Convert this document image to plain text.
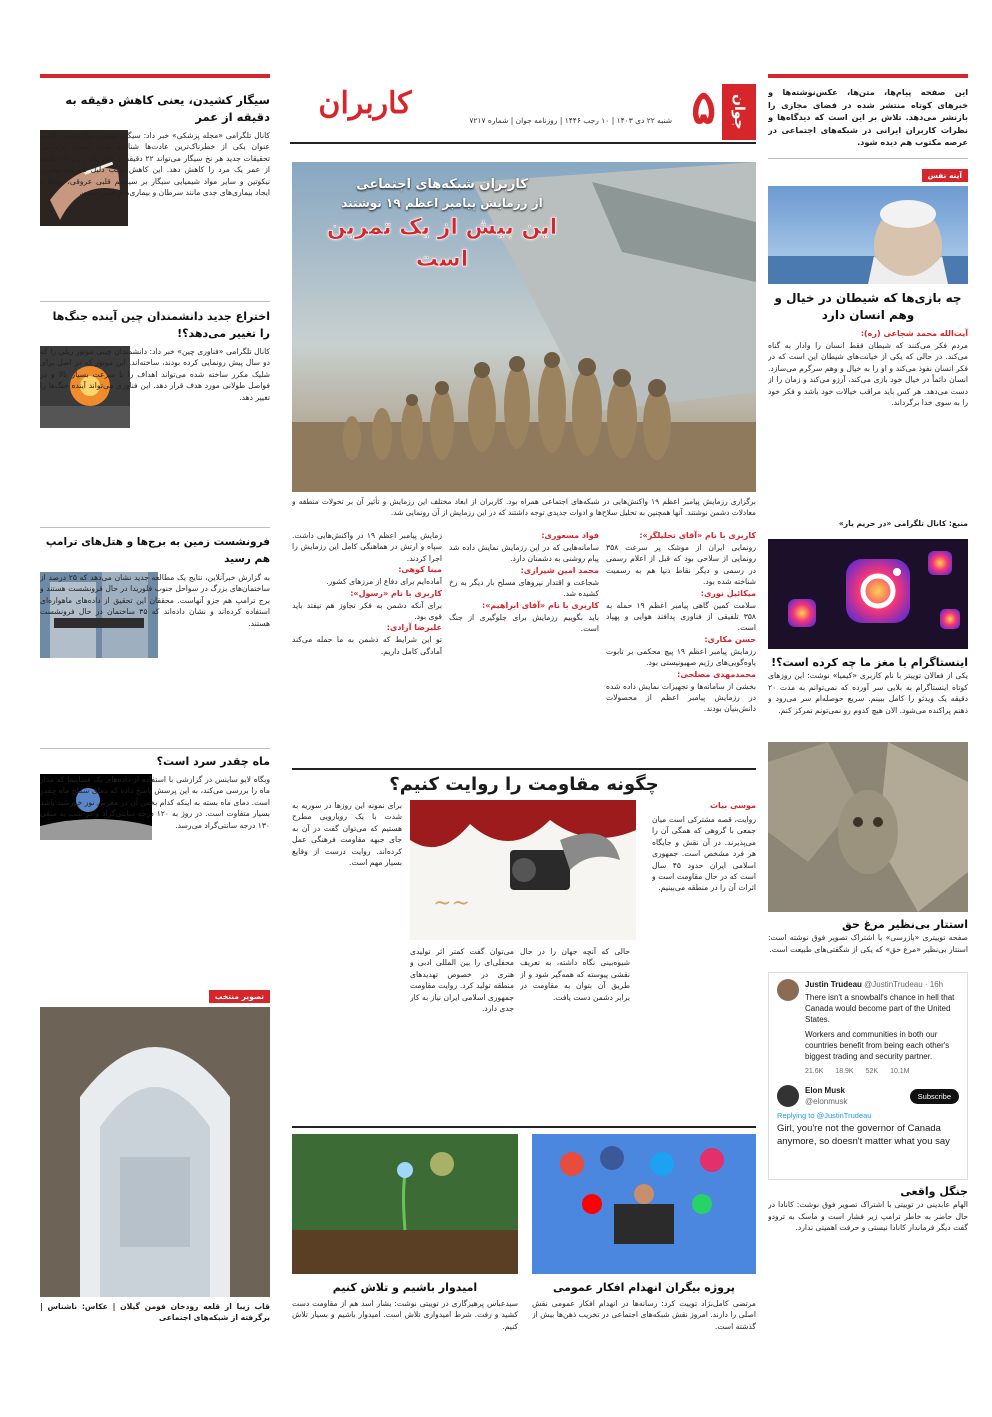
جوان
۵
شنبه ۲۲ دی ۱۴۰۳ | ۱۰ رجب ۱۴۴۶ | روزنامه جوان | شماره ۷۲۱۷
کاربران
کاربران شبکه‌های اجتماعی
از رزمایش پیامبر اعظم ۱۹ نوشتند
این بیش از یک تمرین است
برگزاری رزمایش پیامبر اعظم ۱۹ واکنش‌هایی در شبکه‌های اجتماعی همراه بود. کاربران از ابعاد مختلف این رزمایش و تأثیر آن بر تحولات منطقه و معادلات دشمن نوشتند. آنها همچنین به تحلیل سلاح‌ها و ادوات جدیدی توجه داشتند که در این رزمایش از آن رونمایی شد.
این صفحه پیام‌ها، متن‌ها، عکس‌نوشته‌ها و خبرهای کوتاه منتشر شده در فضای مجازی را بازنشر می‌دهد. تلاش بر این است که دیدگاه‌ها و نظرات کاربران ایرانی در شبکه‌های اجتماعی در عرصه مکتوب هم دیده شود.
آینه نفس
چه بازی‌ها که شیطان در خیال و وهم انسان دارد
آیت‌الله محمد شجاعی (ره):
مردم فکر می‌کنند که شیطان فقط انسان را وادار به گناه می‌کند. در حالی که یکی از خیانت‌های شیطان این است که در فکر انسان نفوذ می‌کند و او را به خیال و وهم سرگرم می‌سازد. انسان دائماً در خیال خود بازی می‌کند، آرزو می‌کند و زمان را از دست می‌دهد. هر کس باید مراقب خیالات خود باشد و فکر خود را به سوی خدا برگرداند.
منبع: کانال تلگرامی «در حریم یار»
اینستاگرام با مغز ما چه کرده است؟!
یکی از فعالان توییتر با نام کاربری «کیمیا» نوشت: این روزهای کوتاه اینستاگرام به بلایی سر آورده که نمی‌توانم به مدت ۲۰ دقیقه یک ویدئو را کامل ببینم. سریع حوصله‌ام سر می‌رود و ذهنم پراکنده می‌شود. الان هیچ کدوم رو نمی‌تونم تمرکز کنم.
استتار بی‌نظیر مرغ حق
صفحه توییتری «بازرسی» با اشتراک تصویر فوق نوشته است: استتار بی‌نظیر «مرغ حق» که یکی از شگفتی‌های طبیعت است.
Justin Trudeau @JustinTrudeau · 16h
There isn't a snowball's chance in hell that Canada would become part of the United States.
Workers and communities in both our countries benefit from being each other's biggest trading and security partner.
21.6K 18.9K 52K 10.1M
Elon Musk
@elonmusk
Subscribe
Replying to @JustinTrudeau
Girl, you're not the governor of Canada anymore, so doesn't matter what you say
جنگل واقعی
الهام عابدینی در توییتی با اشتراک تصویر فوق نوشت: کانادا در حال حاضر به خاطر ترامپ زیر فشار است و ماسک به ترودو گفت دیگر فرماندار کانادا نیستی و حرفت اهمیتی ندارد.
سیگار کشیدن، یعنی کاهش دقیقه به دقیقه از عمر
کانال تلگرامی «مجله پزشکی» خبر داد: سیگار کشیدن سال‌هاست که به عنوان یکی از خطرناک‌ترین عادت‌ها شناخته شده است. براساس تحقیقات جدید هر نخ سیگار می‌تواند ۲۲ دقیقه از عمر یک زن و ۱۷ دقیقه از عمر یک مرد را کاهش دهد. این کاهش سبب دلیل تأثیرات مخرب نیکوتین و سایر مواد شیمیایی سیگار بر سیستم قلبی عروقی، ریه‌ها و ایجاد بیماری‌های جدی مانند سرطان و بیماری‌های قلبی است.
اختراع جدید دانشمندان چین آینده جنگ‌ها را تغییر می‌دهد؟!
کانال تلگرامی «فناوری چین» خبر داد: دانشمندان چینی موتور ریلی را که دو سال پیش رونمایی کرده بودند، ساخته‌اند. این موتور که در اصل برای شلیک مکرر ساخته شده می‌تواند اهداف را با سرعت بسیار بالا و در فواصل طولانی مورد هدف قرار دهد. این فناوری می‌تواند آینده جنگ‌ها را تغییر دهد.
فرونشست زمین به برج‌ها و هتل‌های ترامپ هم رسید
به گزارش خبرآنلاین، نتایج یک مطالعه جدید نشان می‌دهد که ۲۵ درصد از ساختمان‌های بزرگ در سواحل جنوب فلوریدا در حال فرونشست هستند و برج ترامپ هم جزو آنهاست. محققان این تحقیق از داده‌های ماهواره‌ای استفاده کرده‌اند و نشان داده‌اند که ۳۵ ساختمان در حال فرونشست هستند.
ماه چقدر سرد است؟
وبگاه لایو ساینس در گزارشی با استفاده از داده‌های یک فضاپیما که مدار ماه را بررسی می‌کند، به این پرسش پاسخ داده که دمای سطح ماه چقدر است. دمای ماه بسته به اینکه کدام بخش آن در معرض نور خورشید باشد بسیار متفاوت است. در روز به ۱۲۰ درجه سانتی‌گراد و در شب به منفی ۱۳۰ درجه سانتی‌گراد می‌رسد.
تصویر منتخب
قاب زیبا از قلعه رودخان فومن گیلان | عکاس: ناشناس | برگرفته از شبکه‌های اجتماعی
کاربری با نام «آقای تحلیلگر»:
رونمایی ایران از موشک پر سرعت ۳۵۸ رونمایی از سلاحی بود که قبل از اعلام رسمی در رسمی و دیگر نقاط دنیا هم به رسمیت شناخته شده بود.
میکائیل نوری:
سلامت کمین گاهی پیامبر اعظم ۱۹ حمله به ۳۵۸ تلفیقی از فناوری پدافند هوایی و پهپاد است.
حسن مکاری:
رزمایش پیامبر اعظم ۱۹ پیچ محکمی بر تابوت یاوه‌گویی‌های رژیم صهیونیستی بود.
محمدمهدی مصلحی:
بخشی از سامانه‌ها و تجهیزات نمایش داده شده در رزمایش پیامبر اعظم از محصولات دانش‌بنیان بودند.
فواد مسعوری:
سامانه‌هایی که در این رزمایش نمایش داده شد پیام روشنی به دشمنان دارد.
محمد امین شیرازی:
شجاعت و اقتدار نیروهای مسلح بار دیگر به رخ کشیده شد.
کاربری با نام «آقای ابراهیم»:
باید بگوییم رزمایش برای جلوگیری از جنگ است.
زمایش پیامبر اعظم ۱۹ در واکنش‌هایی داشت. سپاه و ارتش در هماهنگی کامل این رزمایش را اجرا کردند.
مینا کوهی:
آماده‌ایم برای دفاع از مرزهای کشور.
کاربری با نام «رسول»:
برای آنکه دشمن به فکر تجاوز هم نیفتد باید قوی بود.
علیرضا آزادی:
تو این شرایط که دشمن به ما حمله می‌کند آمادگی کامل داریم.
چگونه مقاومت را روایت کنیم؟
موسی بیات
روایت، قصه مشترکی است میان جمعی با گروهی که همگی آن را می‌پذیرند. در آن نقش و جایگاه هر فرد مشخص است. جمهوری اسلامی ایران حدود ۴۵ سال است که در حال مقاومت است و اثرات آن را در منطقه می‌بینیم.
~~
حالی که آنچه جهان را در حال شیوه‌بینی نگاه داشته، به تعریف نقشی پیوسته که همه‌گیر شود و از طریق آن بتوان به مقاومت در برابر دشمن دست یافت.
می‌توان گفت کمتر اثر تولیدی محفلی‌ای را بین المللی ادبی و هنری در خصوص تهدیدهای منطقه تولید کرد. روایت مقاومت جمهوری اسلامی ایران نیاز به کار جدی دارد.
برای نمونه این روزها در سوریه به شدت با یک رویارویی مطرح هستیم که می‌توان گفت در آن به جای جبهه مقاومت فرهنگی عمل کرده‌اند. روایت درست از وقایع بسیار مهم است.
پروژه بیگران انهدام افکار عمومی
مرتضی کامل‌نژاد توییت کرد: رسانه‌ها در انهدام افکار عمومی نقش اصلی را دارند. امروز نقش شبکه‌های اجتماعی در تخریب ذهن‌ها بیش از گذشته است.
امیدوار باشیم و تلاش کنیم
سیدعباس پرهیزگاری در توییتی نوشت: بشار اسد هم از مقاومت دست کشید و رفت. شرط امیدواری تلاش است. امیدوار باشیم و بسیار تلاش کنیم.
